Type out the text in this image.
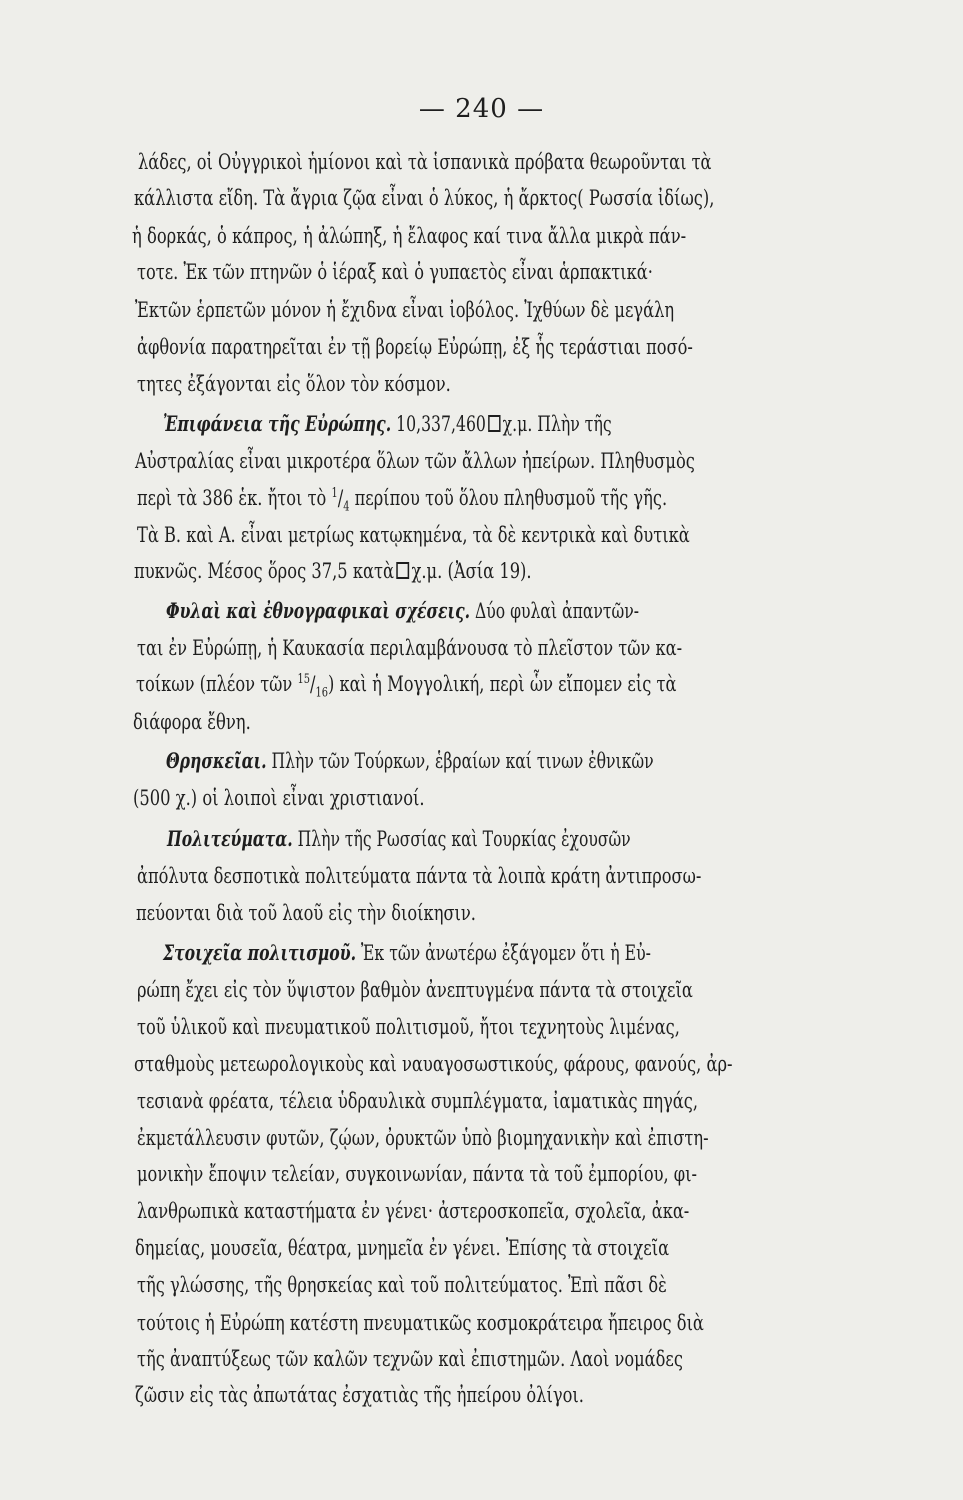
— 240 —
λάδες, οἱ Οὐγγρικοὶ ἡμίονοι καὶ τὰ ἱσπανικὰ πρόβατα θεωροῦνται τὰ
κάλλιστα εἴδη. Τὰ ἄγρια ζῷα εἶναι ὁ λύκος, ἡ ἄρκτος( Ρωσσία ἰδίως),
ἡ δορκάς, ὁ κάπρος, ἡ ἀλώπηξ, ἡ ἔλαφος καί τινα ἄλλα μικρὰ πάν-
τοτε. Ἐκ τῶν πτηνῶν ὁ ἱέραξ καὶ ὁ γυπαετὸς εἶναι ἁρπακτικά·
Ἐκτῶν ἑρπετῶν μόνον ἡ ἔχιδνα εἶναι ἰοβόλος. Ἰχθύων δὲ μεγάλη
ἀφθονία παρατηρεῖται ἐν τῇ βορείῳ Εὐρώπῃ, ἐξ ἧς τεράστιαι ποσό-
τητες ἐξάγονται εἰς ὅλον τὸν κόσμον.
Ἐπιφάνεια τῆς Εὐρώπης. 10,337,460 χ.μ. Πλὴν τῆς
Αὐστραλίας εἶναι μικροτέρα ὅλων τῶν ἄλλων ἠπείρων. Πληθυσμὸς
περὶ τὰ 386 ἑκ. ἤτοι τὸ $^1/_4$ περίπου τοῦ ὅλου πληθυσμοῦ τῆς γῆς.
Τὰ Β. καὶ Α. εἶναι μετρίως κατῳκημένα, τὰ δὲ κεντρικὰ καὶ δυτικὰ
πυκνῶς. Μέσος ὅρος 37,5 κατὰ χ.μ. (Ἀσία 19).
Φυλαὶ καὶ ἐθνογραφικαὶ σχέσεις. Δύο φυλαὶ ἀπαντῶν-
ται ἐν Εὐρώπῃ, ἡ Καυκασία περιλαμβάνουσα τὸ πλεῖστον τῶν κα-
τοίκων (πλέον τῶν $^{15}/_{16}$) καὶ ἡ Μογγολική, περὶ ὧν εἴπομεν εἰς τὰ
διάφορα ἔθνη.
Θρησκεῖαι. Πλὴν τῶν Τούρκων, ἑβραίων καί τινων ἐθνικῶν
(500 χ.) οἱ λοιποὶ εἶναι χριστιανοί.
Πολιτεύματα. Πλὴν τῆς Ρωσσίας καὶ Τουρκίας ἐχουσῶν
ἀπόλυτα δεσποτικὰ πολιτεύματα πάντα τὰ λοιπὰ κράτη ἀντιπροσω-
πεύονται διὰ τοῦ λαοῦ εἰς τὴν διοίκησιν.
Στοιχεῖα πολιτισμοῦ. Ἐκ τῶν ἀνωτέρω ἐξάγομεν ὅτι ἡ Εὐ-
ρώπη ἔχει εἰς τὸν ὕψιστον βαθμὸν ἀνεπτυγμένα πάντα τὰ στοιχεῖα
τοῦ ὑλικοῦ καὶ πνευματικοῦ πολιτισμοῦ, ἤτοι τεχνητοὺς λιμένας,
σταθμοὺς μετεωρολογικοὺς καὶ ναυαγοσωστικούς, φάρους, φανούς, ἀρ-
τεσιανὰ φρέατα, τέλεια ὑδραυλικὰ συμπλέγματα, ἰαματικὰς πηγάς,
ἐκμετάλλευσιν φυτῶν, ζῴων, ὀρυκτῶν ὑπὸ βιομηχανικὴν καὶ ἐπιστη-
μονικὴν ἔποψιν τελείαν, συγκοινωνίαν, πάντα τὰ τοῦ ἐμπορίου, φι-
λανθρωπικὰ καταστήματα ἐν γένει· ἀστεροσκοπεῖα, σχολεῖα, ἀκα-
δημείας, μουσεῖα, θέατρα, μνημεῖα ἐν γένει. Ἐπίσης τὰ στοιχεῖα
τῆς γλώσσης, τῆς θρησκείας καὶ τοῦ πολιτεύματος. Ἐπὶ πᾶσι δὲ
τούτοις ἡ Εὐρώπη κατέστη πνευματικῶς κοσμοκράτειρα ἤπειρος διὰ
τῆς ἀναπτύξεως τῶν καλῶν τεχνῶν καὶ ἐπιστημῶν. Λαοὶ νομάδες
ζῶσιν εἰς τὰς ἀπωτάτας ἐσχατιὰς τῆς ἠπείρου ὀλίγοι.
